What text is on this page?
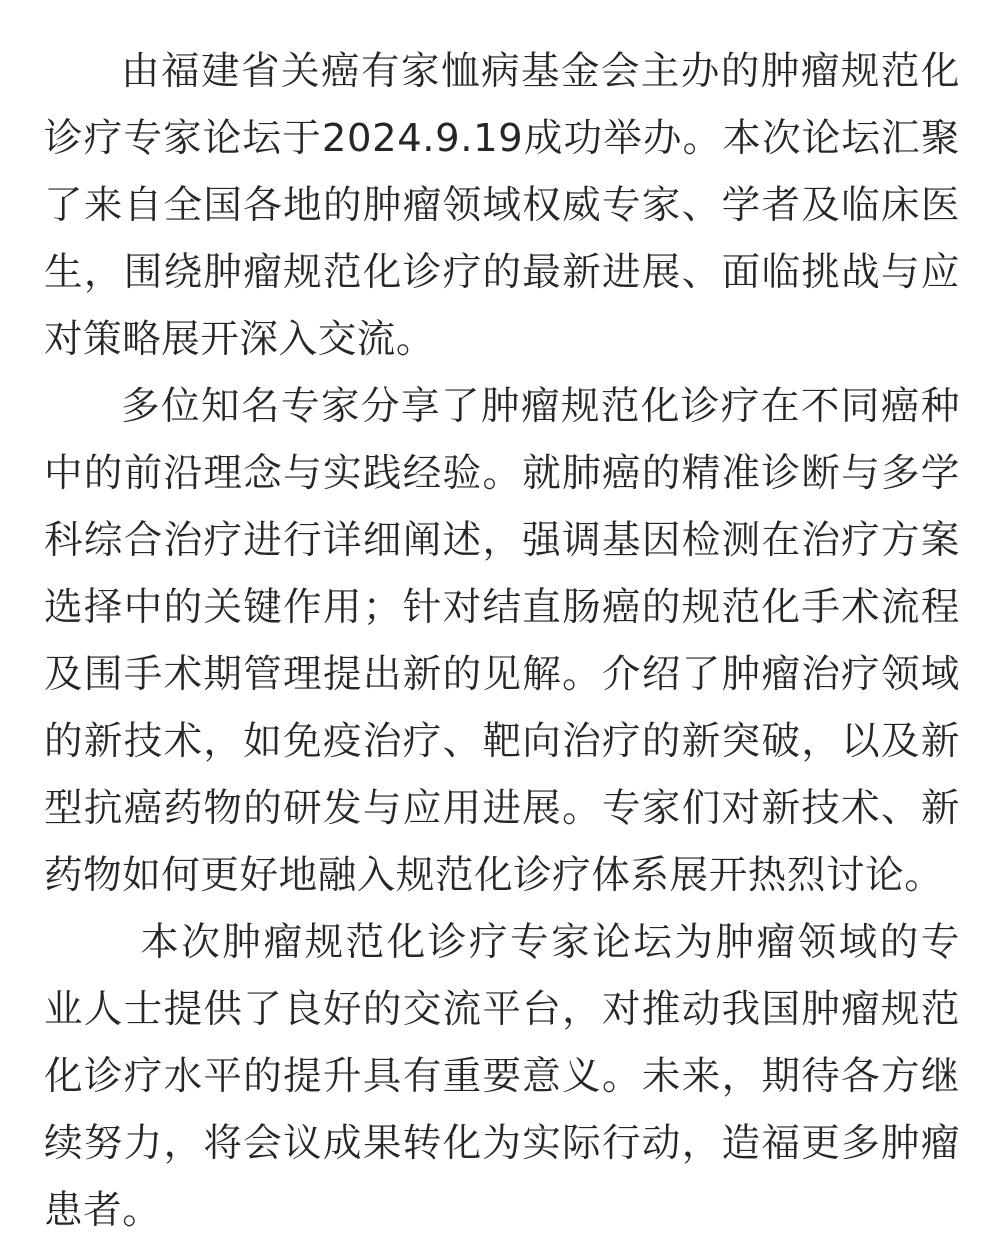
由福建省关癌有家恤病基金会主办的肿瘤规范化诊疗专家论坛于2024.9.19成功举办。本次论坛汇聚了来自全国各地的肿瘤领域权威专家、学者及临床医生，围绕肿瘤规范化诊疗的最新进展、面临挑战与应对策略展开深入交流。

多位知名专家分享了肿瘤规范化诊疗在不同癌种中的前沿理念与实践经验。就肺癌的精准诊断与多学科综合治疗进行详细阐述，强调基因检测在治疗方案选择中的关键作用；针对结直肠癌的规范化手术流程及围手术期管理提出新的见解。介绍了肿瘤治疗领域的新技术，如免疫治疗、靶向治疗的新突破，以及新型抗癌药物的研发与应用进展。专家们对新技术、新药物如何更好地融入规范化诊疗体系展开热烈讨论。

本次肿瘤规范化诊疗专家论坛为肿瘤领域的专业人士提供了良好的交流平台，对推动我国肿瘤规范化诊疗水平的提升具有重要意义。未来，期待各方继续努力，将会议成果转化为实际行动，造福更多肿瘤患者。
